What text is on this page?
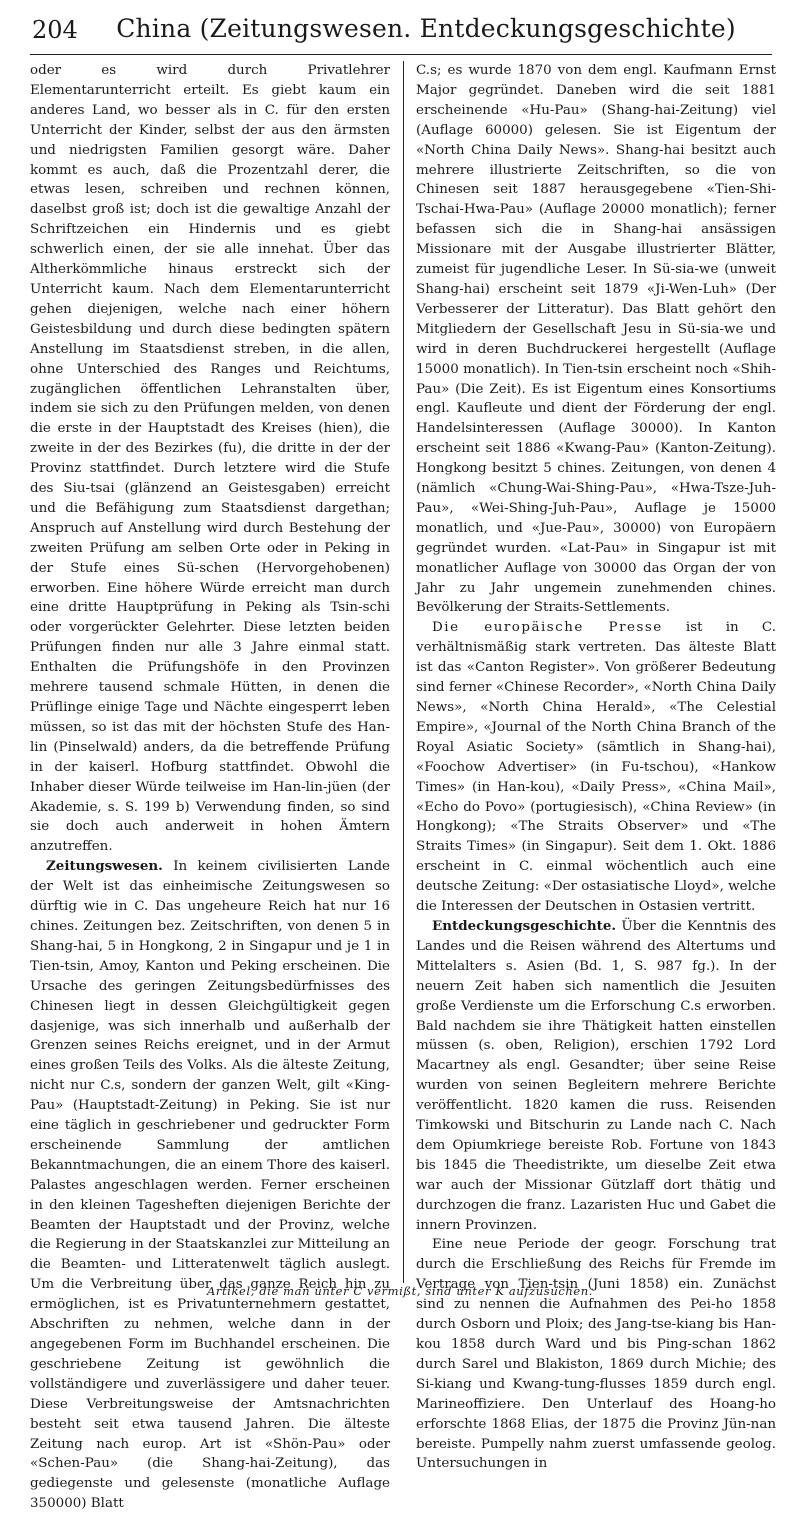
204	China (Zeitungswesen. Entdeckungsgeschichte)

oder es wird durch Privatlehrer Elementarunterricht erteilt. Es giebt kaum ein anderes Land, wo besser als in C. für den ersten Unterricht der Kinder, selbst der aus den ärmsten und niedrigsten Familien gesorgt wäre. Daher kommt es auch, daß die Prozentzahl derer, die etwas lesen, schreiben und rechnen können, daselbst groß ist; doch ist die gewaltige Anzahl der Schriftzeichen ein Hindernis und es giebt schwerlich einen, der sie alle innehat. Über das Altherkömmliche hinaus erstreckt sich der Unterricht kaum. Nach dem Elementarunterricht gehen diejenigen, welche nach einer höhern Geistesbildung und durch diese bedingten spätern Anstellung im Staatsdienst streben, in die allen, ohne Unterschied des Ranges und Reichtums, zugänglichen öffentlichen Lehranstalten über, indem sie sich zu den Prüfungen melden, von denen die erste in der Hauptstadt des Kreises (hien), die zweite in der des Bezirkes (fu), die dritte in der der Provinz stattfindet. Durch letztere wird die Stufe des Siu-tsai (glänzend an Geistesgaben) erreicht und die Befähigung zum Staatsdienst dargethan; Anspruch auf Anstellung wird durch Bestehung der zweiten Prüfung am selben Orte oder in Peking in der Stufe eines Sü-schen (Hervorgehobenen) erworben. Eine höhere Würde erreicht man durch eine dritte Hauptprüfung in Peking als Tsin-schi oder vorgerückter Gelehrter. Diese letzten beiden Prüfungen finden nur alle 3 Jahre einmal statt. Enthalten die Prüfungshöfe in den Provinzen mehrere tausend schmale Hütten, in denen die Prüflinge einige Tage und Nächte eingesperrt leben müssen, so ist das mit der höchsten Stufe des Han-lin (Pinselwald) anders, da die betreffende Prüfung in der kaiserl. Hofburg stattfindet. Obwohl die Inhaber dieser Würde teilweise im Han-lin-jüen (der Akademie, s. S. 199 b) Verwendung finden, so sind sie doch auch anderweit in hohen Ämtern anzutreffen.

Zeitungswesen. In keinem civilisierten Lande der Welt ist das einheimische Zeitungswesen so dürftig wie in C. Das ungeheure Reich hat nur 16 chines. Zeitungen bez. Zeitschriften, von denen 5 in Shang-hai, 5 in Hongkong, 2 in Singapur und je 1 in Tien-tsin, Amoy, Kanton und Peking erscheinen. Die Ursache des geringen Zeitungsbedürfnisses des Chinesen liegt in dessen Gleichgültigkeit gegen dasjenige, was sich innerhalb und außerhalb der Grenzen seines Reichs ereignet, und in der Armut eines großen Teils des Volks. Als die älteste Zeitung, nicht nur C.s, sondern der ganzen Welt, gilt «King-Pau» (Hauptstadt-Zeitung) in Peking. Sie ist nur eine täglich in geschriebener und gedruckter Form erscheinende Sammlung der amtlichen Bekanntmachungen, die an einem Thore des kaiserl. Palastes angeschlagen werden. Ferner erscheinen in den kleinen Tagesheften diejenigen Berichte der Beamten der Hauptstadt und der Provinz, welche die Regierung in der Staatskanzlei zur Mitteilung an die Beamten- und Litteratenwelt täglich auslegt. Um die Verbreitung über das ganze Reich hin zu ermöglichen, ist es Privatunternehmern gestattet, Abschriften zu nehmen, welche dann in der angegebenen Form im Buchhandel erscheinen. Die geschriebene Zeitung ist gewöhnlich die vollständigere und zuverlässigere und daher teuer. Diese Verbreitungsweise der Amtsnachrichten besteht seit etwa tausend Jahren. Die älteste Zeitung nach europ. Art ist «Shön-Pau» oder «Schen-Pau» (die Shang-hai-Zeitung), das gediegenste und gelesenste (monatliche Auflage 350000) Blatt

C.s; es wurde 1870 von dem engl. Kaufmann Ernst Major gegründet. Daneben wird die seit 1881 erscheinende «Hu-Pau» (Shang-hai-Zeitung) viel (Auflage 60000) gelesen. Sie ist Eigentum der «North China Daily News». Shang-hai besitzt auch mehrere illustrierte Zeitschriften, so die von Chinesen seit 1887 herausgegebene «Tien-Shi-Tschai-Hwa-Pau» (Auflage 20000 monatlich); ferner befassen sich die in Shang-hai ansässigen Missionare mit der Ausgabe illustrierter Blätter, zumeist für jugendliche Leser. In Sü-sia-we (unweit Shang-hai) erscheint seit 1879 «Ji-Wen-Luh» (Der Verbesserer der Litteratur). Das Blatt gehört den Mitgliedern der Gesellschaft Jesu in Sü-sia-we und wird in deren Buchdruckerei hergestellt (Auflage 15000 monatlich). In Tien-tsin erscheint noch «Shih-Pau» (Die Zeit). Es ist Eigentum eines Konsortiums engl. Kaufleute und dient der Förderung der engl. Handelsinteressen (Auflage 30000). In Kanton erscheint seit 1886 «Kwang-Pau» (Kanton-Zeitung). Hongkong besitzt 5 chines. Zeitungen, von denen 4 (nämlich «Chung-Wai-Shing-Pau», «Hwa-Tsze-Juh-Pau», «Wei-Shing-Juh-Pau», Auflage je 15000 monatlich, und «Jue-Pau», 30000) von Europäern gegründet wurden. «Lat-Pau» in Singapur ist mit monatlicher Auflage von 30000 das Organ der von Jahr zu Jahr ungemein zunehmenden chines. Bevölkerung der Straits-Settlements.

Die europäische Presse ist in C. verhältnismäßig stark vertreten. Das älteste Blatt ist das «Canton Register». Von größerer Bedeutung sind ferner «Chinese Recorder», «North China Daily News», «North China Herald», «The Celestial Empire», «Journal of the North China Branch of the Royal Asiatic Society» (sämtlich in Shang-hai), «Foochow Advertiser» (in Fu-tschou), «Hankow Times» (in Han-kou), «Daily Press», «China Mail», «Echo do Povo» (portugiesisch), «China Review» (in Hongkong); «The Straits Observer» und «The Straits Times» (in Singapur). Seit dem 1. Okt. 1886 erscheint in C. einmal wöchentlich auch eine deutsche Zeitung: «Der ostasiatische Lloyd», welche die Interessen der Deutschen in Ostasien vertritt.

Entdeckungsgeschichte. Über die Kenntnis des Landes und die Reisen während des Altertums und Mittelalters s. Asien (Bd. 1, S. 987 fg.). In der neuern Zeit haben sich namentlich die Jesuiten große Verdienste um die Erforschung C.s erworben. Bald nachdem sie ihre Thätigkeit hatten einstellen müssen (s. oben, Religion), erschien 1792 Lord Macartney als engl. Gesandter; über seine Reise wurden von seinen Begleitern mehrere Berichte veröffentlicht. 1820 kamen die russ. Reisenden Timkowski und Bitschurin zu Lande nach C. Nach dem Opiumkriege bereiste Rob. Fortune von 1843 bis 1845 die Theedistrikte, um dieselbe Zeit etwa war auch der Missionar Gützlaff dort thätig und durchzogen die franz. Lazaristen Huc und Gabet die innern Provinzen.

Eine neue Periode der geogr. Forschung trat durch die Erschließung des Reichs für Fremde im Vertrage von Tien-tsin (Juni 1858) ein. Zunächst sind zu nennen die Aufnahmen des Pei-ho 1858 durch Osborn und Ploix; des Jang-tse-kiang bis Han-kou 1858 durch Ward und bis Ping-schan 1862 durch Sarel und Blakiston, 1869 durch Michie; des Si-kiang und Kwang-tung-flusses 1859 durch engl. Marineoffiziere. Den Unterlauf des Hoang-ho erforschte 1868 Elias, der 1875 die Provinz Jün-nan bereiste. Pumpelly nahm zuerst umfassende geolog. Untersuchungen in

Artikel, die man unter C vermißt, sind unter K aufzusuchen.
